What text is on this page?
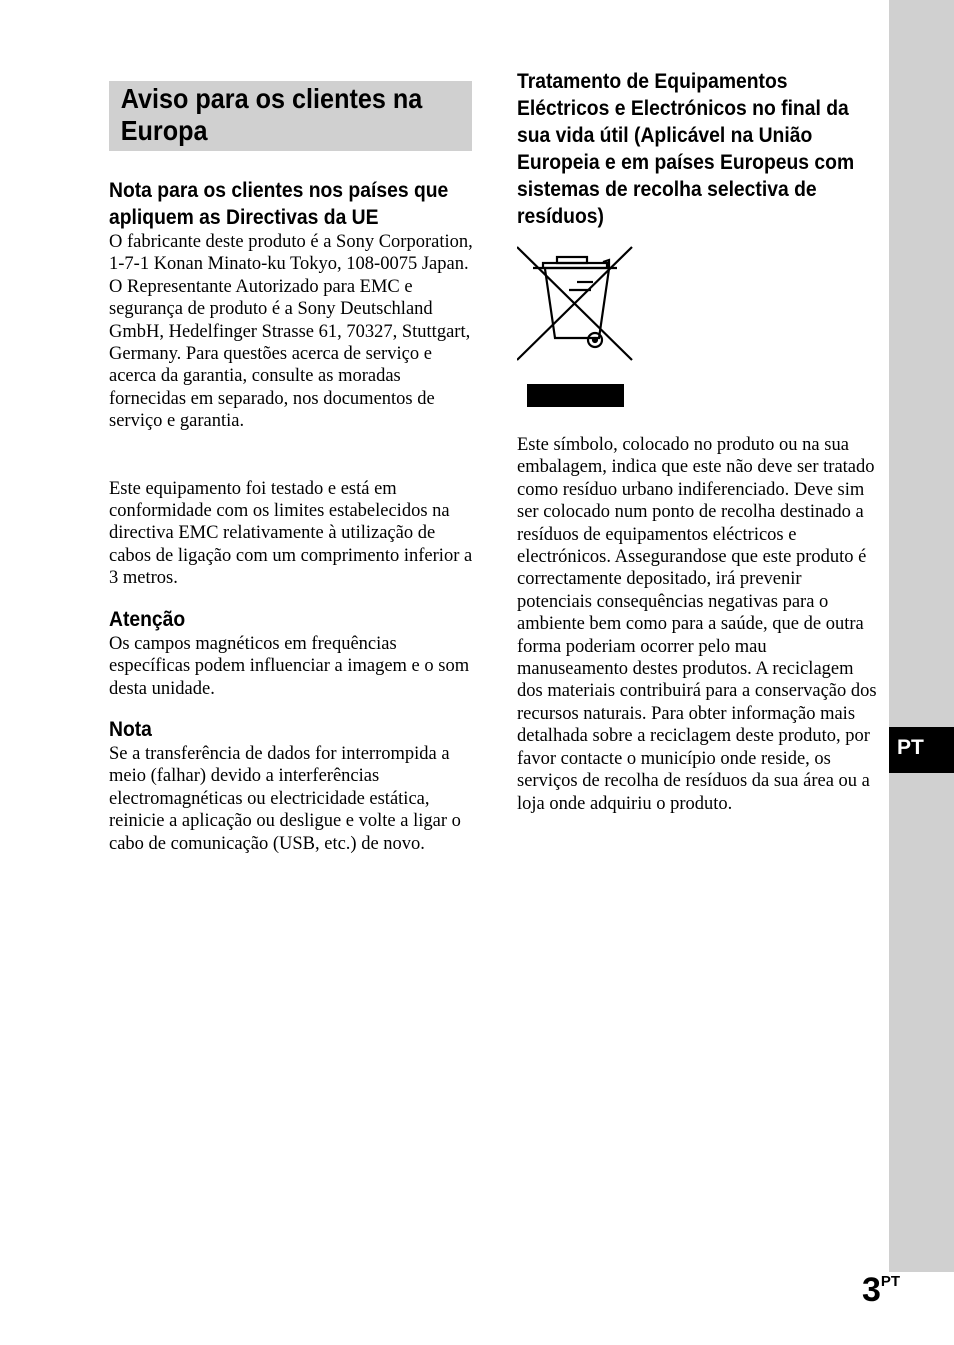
PT
Aviso para os clientes na Europa
Nota para os clientes nos países que apliquem as Directivas da UE

O fabricante deste produto é a Sony Corporation, 1-7-1 Konan Minato-ku Tokyo, 108-0075 Japan. O Representante Autorizado para EMC e segurança de produto é a Sony Deutschland GmbH, Hedelfinger Strasse 61, 70327, Stuttgart, Germany. Para questões acerca de serviço e acerca da garantia, consulte as moradas fornecidas em separado, nos documentos de serviço e garantia.

Este equipamento foi testado e está em conformidade com os limites estabelecidos na directiva EMC relativamente à utilização de cabos de ligação com um comprimento inferior a 3 metros.

Atenção

Os campos magnéticos em frequências específicas podem influenciar a imagem e o som desta unidade.

Nota

Se a transferência de dados for interrompida a meio (falhar) devido a interferências electromagnéticas ou electricidade estática, reinicie a aplicação ou desligue e volte a ligar o cabo de comunicação (USB, etc.) de novo.

Tratamento de Equipamentos Eléctricos e Electrónicos no final da sua vida útil (Aplicável na União Europeia e em países Europeus com sistemas de recolha selectiva de resíduos)

Este símbolo, colocado no produto ou na sua embalagem, indica que este não deve ser tratado como resíduo urbano indiferenciado. Deve sim ser colocado num ponto de recolha destinado a resíduos de equipamentos eléctricos e electrónicos. Assegurandose que este produto é correctamente depositado, irá prevenir potenciais consequências negativas para o ambiente bem como para a saúde, que de outra forma poderiam ocorrer pelo mau manuseamento destes produtos. A reciclagem dos materiais contribuirá para a conservação dos recursos naturais. Para obter informação mais detalhada sobre a reciclagem deste produto, por favor contacte o município onde reside, os serviços de recolha de resíduos da sua área ou a loja onde adquiriu o produto.

3PT
